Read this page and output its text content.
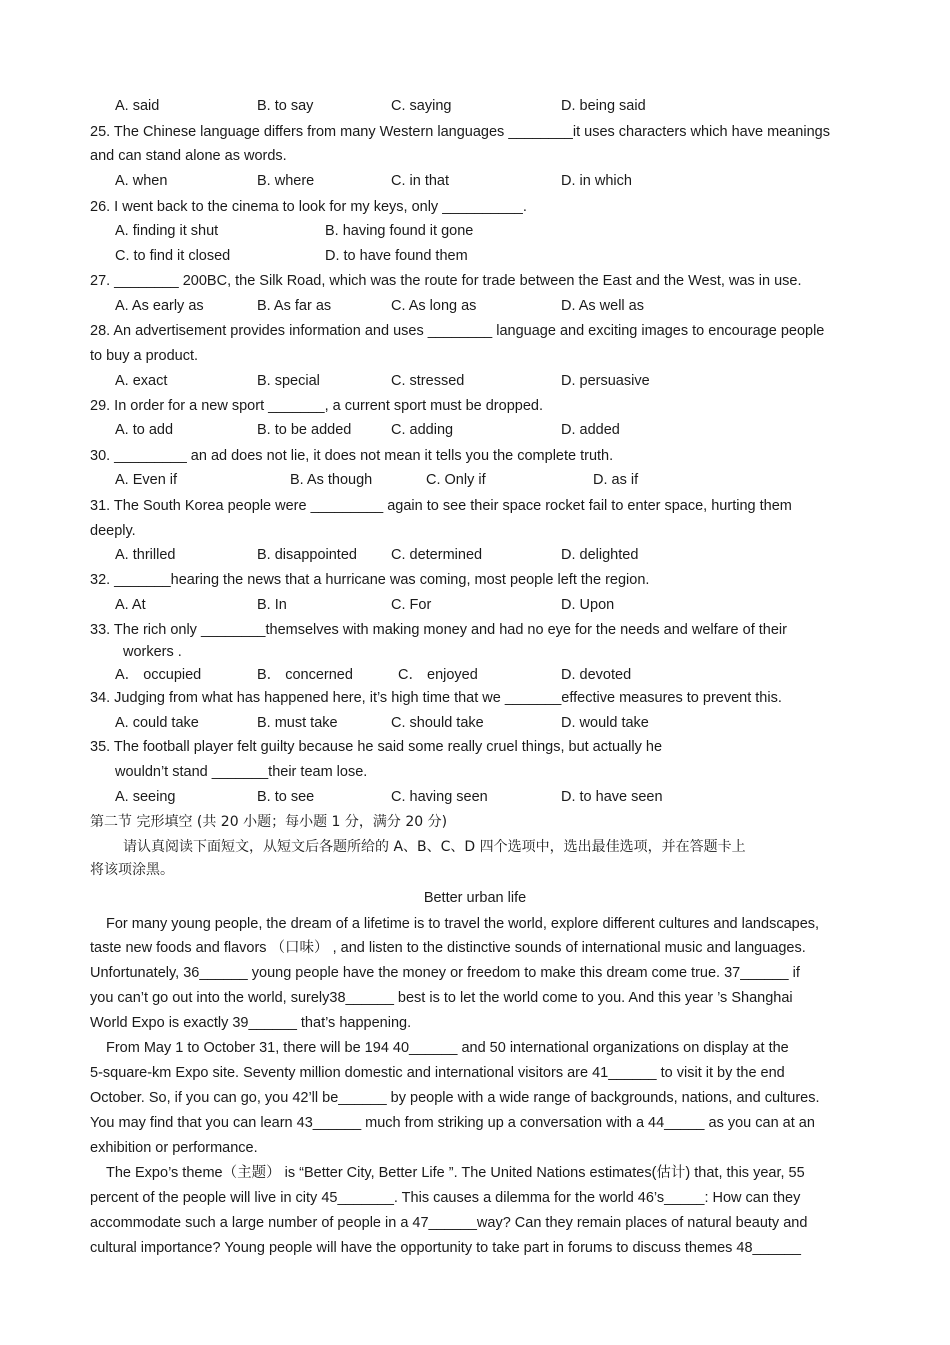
A. said	B. to say	C. saying	D. being said
25. The Chinese language differs from many Western languages ________it uses characters which have meanings
and can stand alone as words.
A. when	B. where	C. in that	D. in which
26. I went back to the cinema to look for my keys, only __________.
A. finding it shut	B. having found it gone
C. to find it closed	D. to have found them
27. ________ 200BC, the Silk Road, which was the route for trade between the East and the West, was in use.
A. As early as	B. As far as	C. As long as	D. As well as
28. An advertisement provides information and uses ________ language and exciting images to encourage people
to buy a product.
A. exact	B. special	C. stressed	D. persuasive
29. In order for a new sport _______, a current sport must be dropped.
A. to add	B. to be added	C. adding	D. added
30. _________ an ad does not lie, it does not mean it tells you the complete truth.
A. Even if	B. As though	C. Only if	D. as if
31. The South Korea people were _________ again to see their space rocket fail to enter space, hurting them
deeply.
A. thrilled	B. disappointed C. determined	D. delighted
32. _______hearing the news that a hurricane was coming, most people left the region.
A. At	B. In	C. For	D. Upon
33. The rich only ________themselves with making money and had no eye for the needs and welfare of their
workers .
A． occupied	B． concerned	C． enjoyed	D. devoted
34. Judging from what has happened here, it’s high time that we _______effective measures to prevent this.
A. could take	B. must take	C. should take	D. would take
35. The football player felt guilty because he said some really cruel things, but actually he
wouldn’t stand _______their team lose.
A. seeing	B. to see	C. having seen	D. to have seen
第二节 完形填空 (共 20 小题；每小题 1 分，满分 20 分)
请认真阅读下面短文，从短文后各题所给的 A、B、C、D 四个选项中，选出最佳选项，并在答题卡上
将该项涂黑。
Better urban life
For many young people, the dream of a lifetime is to travel the world, explore different cultures and landscapes,
taste new foods and flavors （口味） , and listen to the distinctive sounds of international music and languages.
Unfortunately, 36______ young people have the money or freedom to make this dream come true. 37______ if
you can’t go out into the world, surely38______ best is to let the world come to you. And this year ’s Shanghai
World Expo is exactly 39______ that’s happening.
From May 1 to October 31, there will be 194 40______ and 50 international organizations on display at the
5-square-km Expo site. Seventy million domestic and international visitors are 41______ to visit it by the end
October. So, if you can go, you 42’ll be______ by people with a wide range of backgrounds, nations, and cultures.
You may find that you can learn 43______ much from striking up a conversation with a 44_____ as you can at an
exhibition or performance.
The Expo’s theme（主题） is “Better City, Better Life ”. The United Nations estimates(估计) that, this year, 55
percent of the people will live in city 45_______. This causes a dilemma for the world 46’s_____: How can they
accommodate such a large number of people in a 47______way? Can they remain places of natural beauty and
cultural importance? Young people will have the opportunity to take part in forums to discuss themes 48______
